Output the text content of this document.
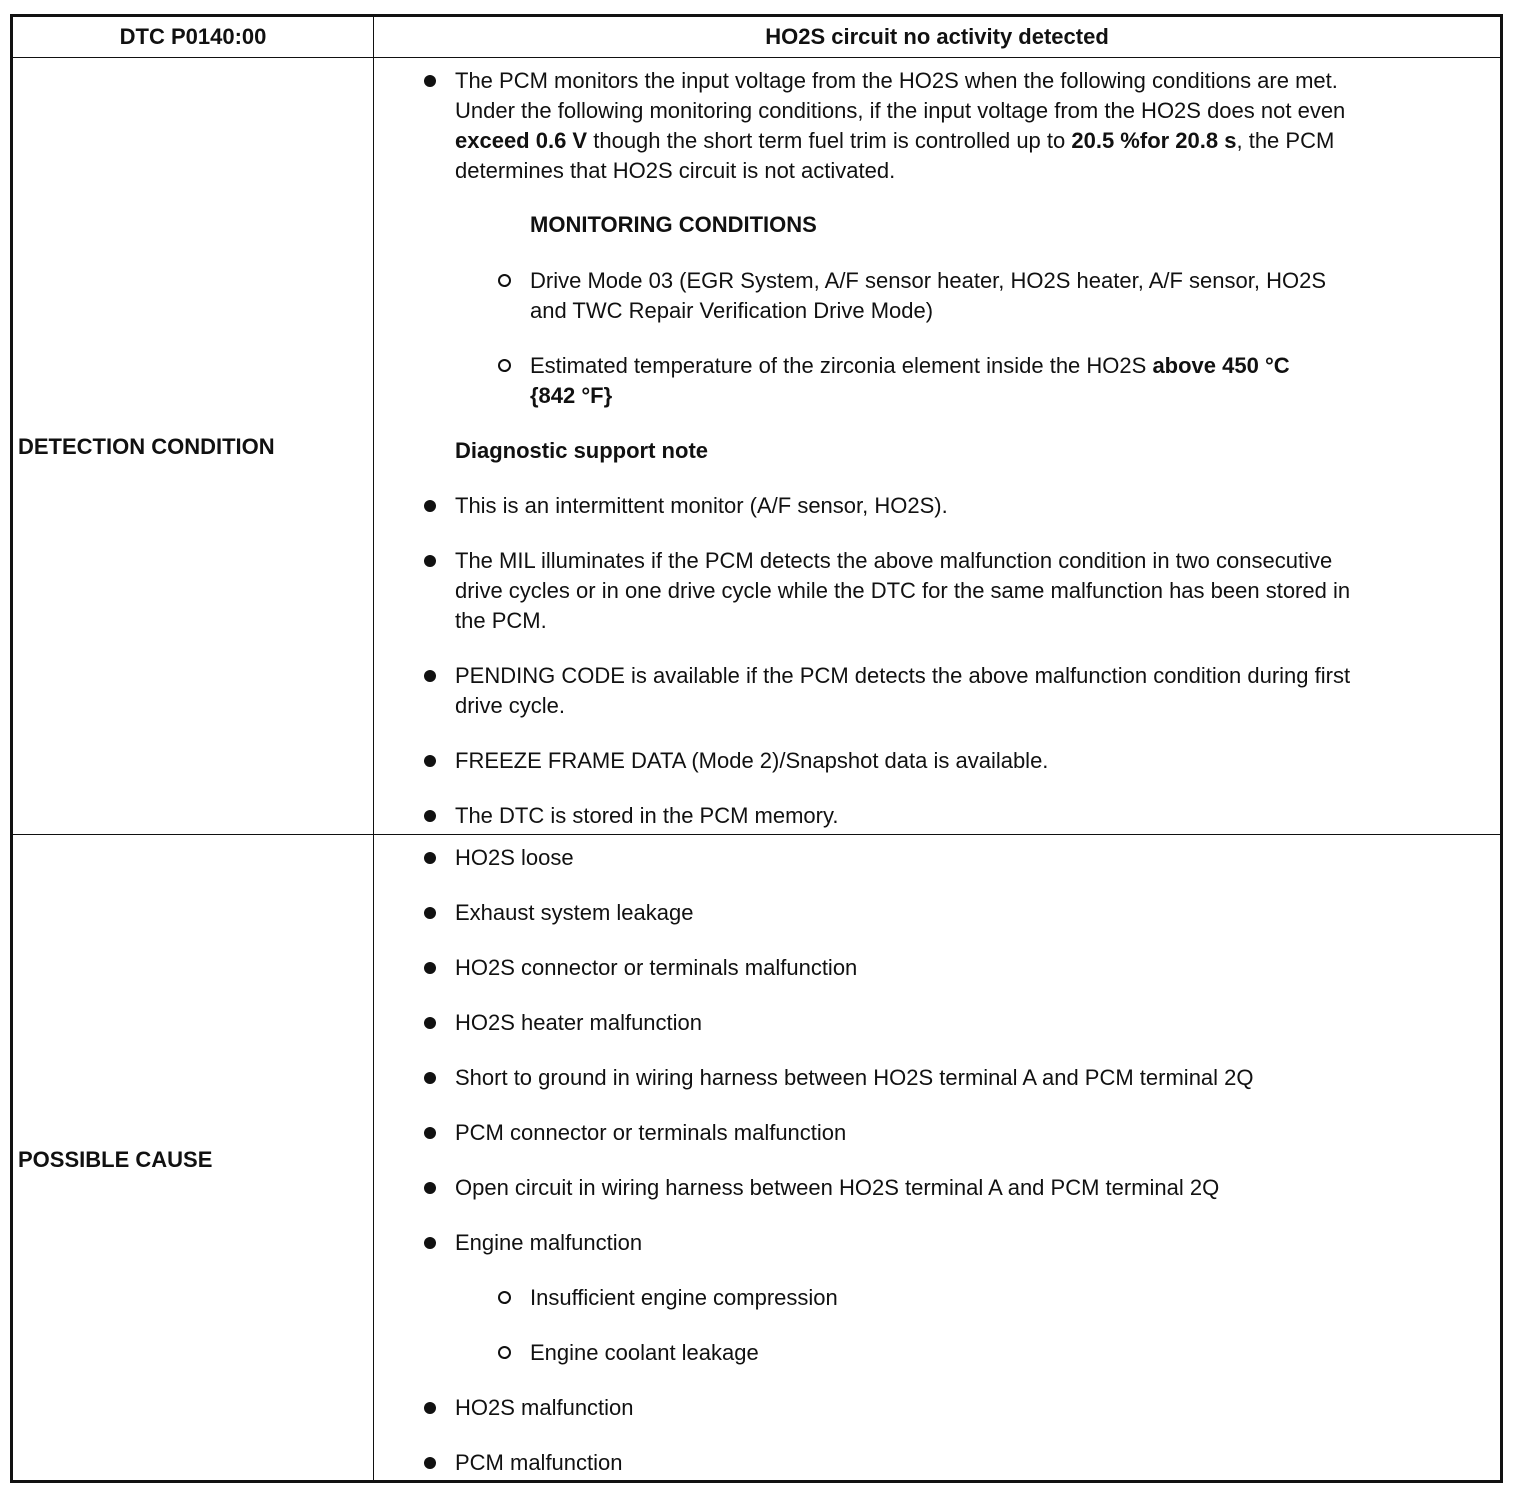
DTC P0140:00	HO2S circuit no activity detected
DETECTION CONDITION
The PCM monitors the input voltage from the HO2S when the following conditions are met.
Under the following monitoring conditions, if the input voltage from the HO2S does not even
exceed 0.6 V though the short term fuel trim is controlled up to 20.5 %for 20.8 s, the PCM
determines that HO2S circuit is not activated.
MONITORING CONDITIONS
Drive Mode 03 (EGR System, A/F sensor heater, HO2S heater, A/F sensor, HO2S
and TWC Repair Verification Drive Mode)
Estimated temperature of the zirconia element inside the HO2S above 450 °C
{842 °F}
Diagnostic support note
This is an intermittent monitor (A/F sensor, HO2S).
The MIL illuminates if the PCM detects the above malfunction condition in two consecutive
drive cycles or in one drive cycle while the DTC for the same malfunction has been stored in
the PCM.
PENDING CODE is available if the PCM detects the above malfunction condition during first
drive cycle.
FREEZE FRAME DATA (Mode 2)/Snapshot data is available.
The DTC is stored in the PCM memory.
POSSIBLE CAUSE
HO2S loose
Exhaust system leakage
HO2S connector or terminals malfunction
HO2S heater malfunction
Short to ground in wiring harness between HO2S terminal A and PCM terminal 2Q
PCM connector or terminals malfunction
Open circuit in wiring harness between HO2S terminal A and PCM terminal 2Q
Engine malfunction
Insufficient engine compression
Engine coolant leakage
HO2S malfunction
PCM malfunction
